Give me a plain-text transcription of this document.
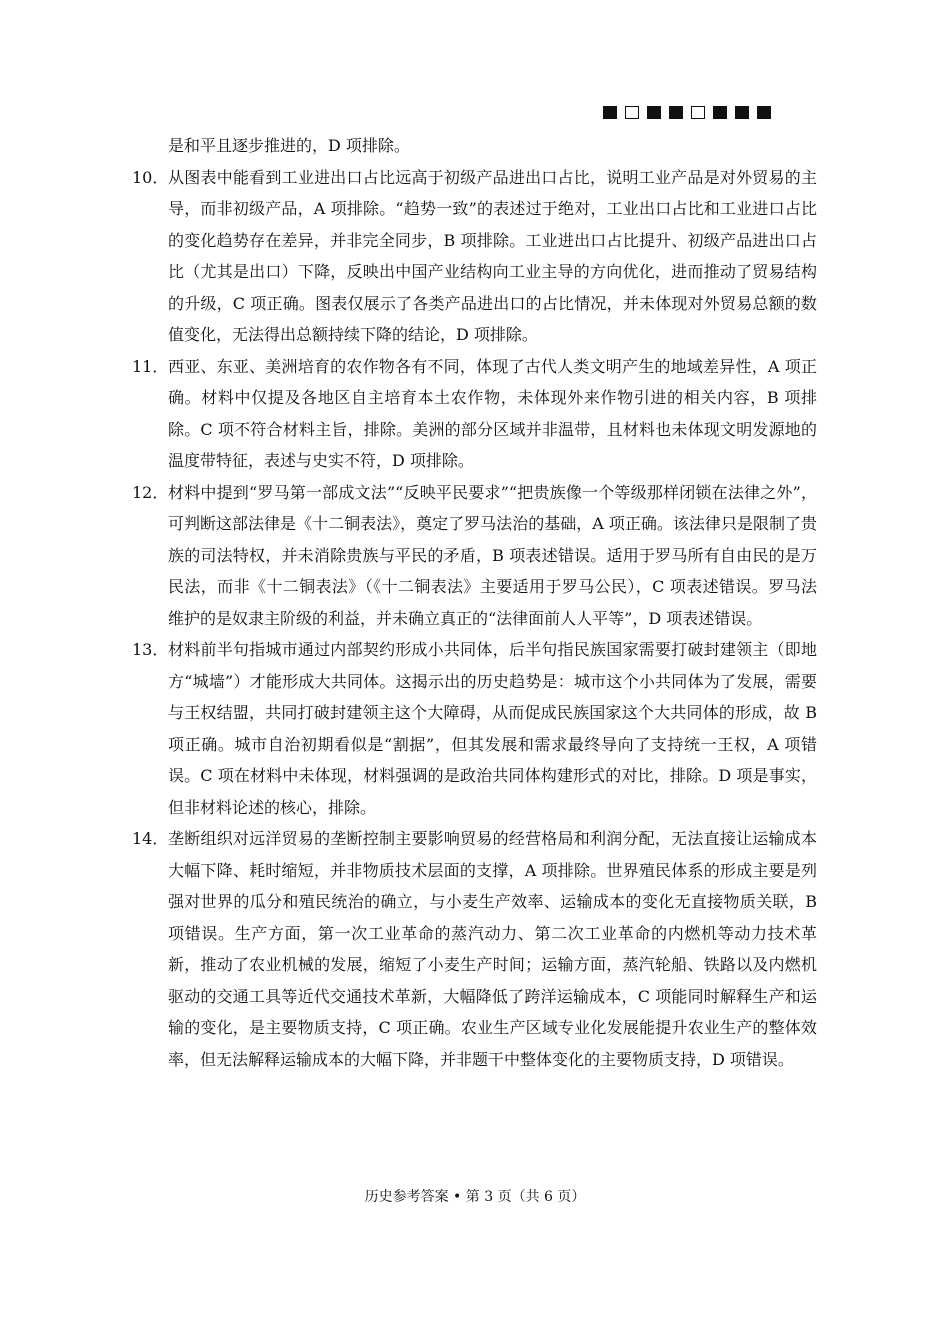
是和平且逐步推进的，D 项排除。
10． 从图表中能看到工业进出口占比远高于初级产品进出口占比，说明工业产品是对外贸易的主导，而非初级产品，A 项排除。“趋势一致”的表述过于绝对，工业出口占比和工业进口占比的变化趋势存在差异，并非完全同步，B 项排除。工业进出口占比提升、初级产品进出口占比（尤其是出口）下降，反映出中国产业结构向工业主导的方向优化，进而推动了贸易结构的升级，C 项正确。图表仅展示了各类产品进出口的占比情况，并未体现对外贸易总额的数值变化，无法得出总额持续下降的结论，D 项排除。
11． 西亚、东亚、美洲培育的农作物各有不同，体现了古代人类文明产生的地域差异性，A 项正确。材料中仅提及各地区自主培育本土农作物，未体现外来作物引进的相关内容，B 项排除。C 项不符合材料主旨，排除。美洲的部分区域并非温带，且材料也未体现文明发源地的温度带特征，表述与史实不符，D 项排除。
12． 材料中提到“罗马第一部成文法”“反映平民要求”“把贵族像一个等级那样闭锁在法律之外”，可判断这部法律是《十二铜表法》，奠定了罗马法治的基础，A 项正确。该法律只是限制了贵族的司法特权，并未消除贵族与平民的矛盾，B 项表述错误。适用于罗马所有自由民的是万民法，而非《十二铜表法》（《十二铜表法》主要适用于罗马公民），C 项表述错误。罗马法维护的是奴隶主阶级的利益，并未确立真正的“法律面前人人平等”，D 项表述错误。
13． 材料前半句指城市通过内部契约形成小共同体，后半句指民族国家需要打破封建领主（即地方“城墙”）才能形成大共同体。这揭示出的历史趋势是：城市这个小共同体为了发展，需要与王权结盟，共同打破封建领主这个大障碍，从而促成民族国家这个大共同体的形成，故 B 项正确。城市自治初期看似是“割据”，但其发展和需求最终导向了支持统一王权，A 项错误。C 项在材料中未体现，材料强调的是政治共同体构建形式的对比，排除。D 项是事实，但非材料论述的核心，排除。
14． 垄断组织对远洋贸易的垄断控制主要影响贸易的经营格局和利润分配，无法直接让运输成本大幅下降、耗时缩短，并非物质技术层面的支撑，A 项排除。世界殖民体系的形成主要是列强对世界的瓜分和殖民统治的确立，与小麦生产效率、运输成本的变化无直接物质关联，B 项错误。生产方面，第一次工业革命的蒸汽动力、第二次工业革命的内燃机等动力技术革新，推动了农业机械的发展，缩短了小麦生产时间；运输方面，蒸汽轮船、铁路以及内燃机驱动的交通工具等近代交通技术革新，大幅降低了跨洋运输成本，C 项能同时解释生产和运输的变化，是主要物质支持，C 项正确。农业生产区域专业化发展能提升农业生产的整体效率，但无法解释运输成本的大幅下降，并非题干中整体变化的主要物质支持，D 项错误。
历史参考答案 • 第 3 页（共 6 页）
